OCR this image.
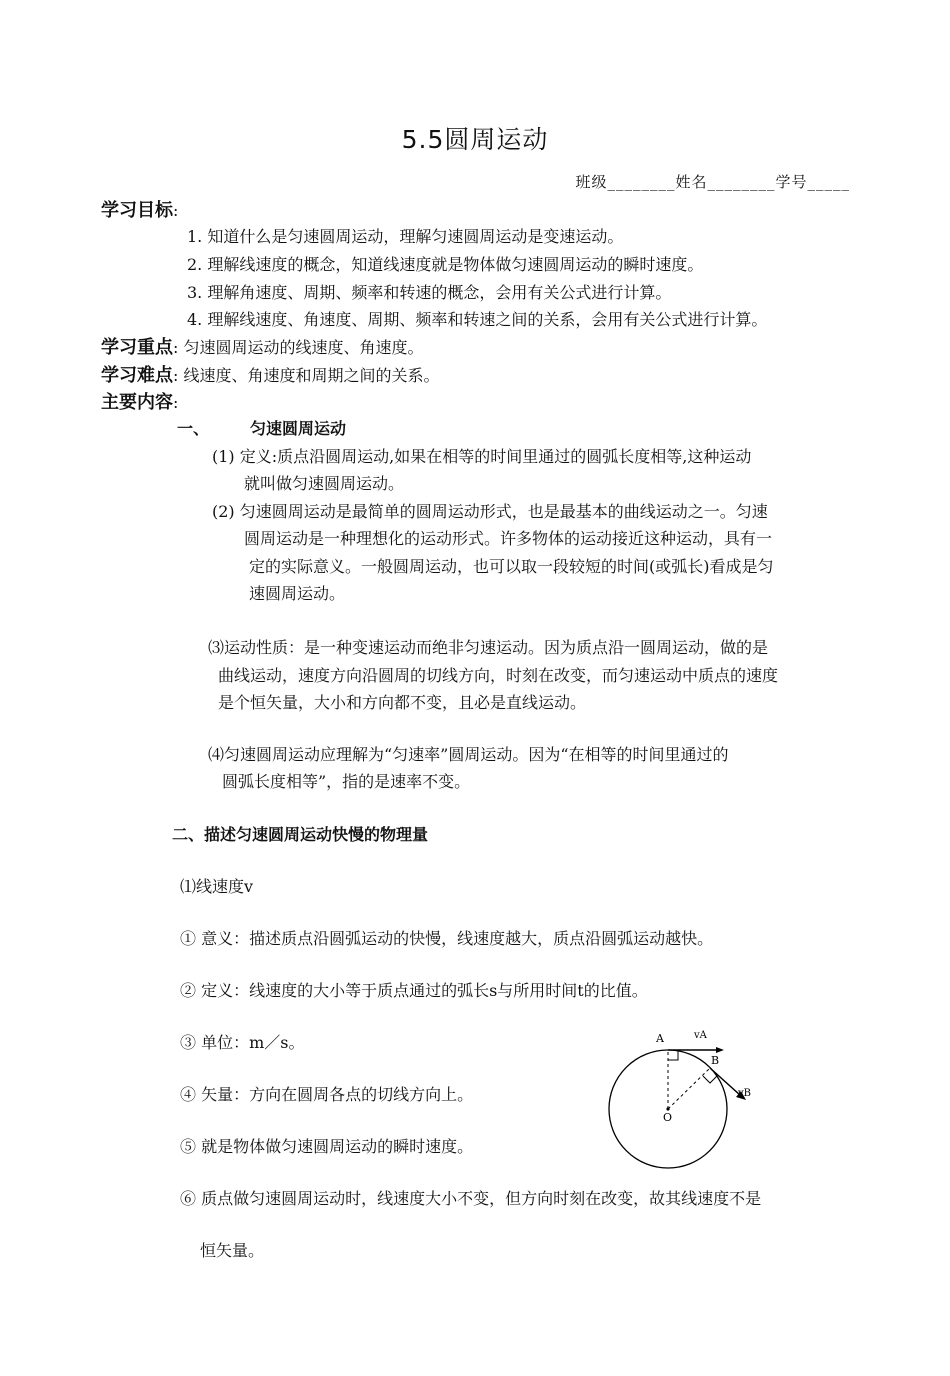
5.5圆周运动
班级________姓名________学号_____
学习目标:
1. 知道什么是匀速圆周运动，理解匀速圆周运动是变速运动。
2. 理解线速度的概念，知道线速度就是物体做匀速圆周运动的瞬时速度。
3. 理解角速度、周期、频率和转速的概念，会用有关公式进行计算。
4. 理解线速度、角速度、周期、频率和转速之间的关系，会用有关公式进行计算。
学习重点: 匀速圆周运动的线速度、角速度。
学习难点: 线速度、角速度和周期之间的关系。
主要内容:
一、	匀速圆周运动
(1) 定义:质点沿圆周运动,如果在相等的时间里通过的圆弧长度相等,这种运动
就叫做匀速圆周运动。
(2) 匀速圆周运动是最简单的圆周运动形式，也是最基本的曲线运动之一。匀速
圆周运动是一种理想化的运动形式。许多物体的运动接近这种运动，具有一
定的实际意义。一般圆周运动，也可以取一段较短的时间(或弧长)看成是匀
速圆周运动。
⑶运动性质：是一种变速运动而绝非匀速运动。因为质点沿一圆周运动，做的是
曲线运动，速度方向沿圆周的切线方向，时刻在改变，而匀速运动中质点的速度
是个恒矢量，大小和方向都不变，且必是直线运动。
⑷匀速圆周运动应理解为“匀速率”圆周运动。因为“在相等的时间里通过的
圆弧长度相等”，指的是速率不变。
二、描述匀速圆周运动快慢的物理量
⑴线速度v
① 意义：描述质点沿圆弧运动的快慢，线速度越大，质点沿圆弧运动越快。
② 定义：线速度的大小等于质点通过的弧长s与所用时间t的比值。
③ 单位：m／s。
④ 矢量：方向在圆周各点的切线方向上。
⑤ 就是物体做匀速圆周运动的瞬时速度。
⑥ 质点做匀速圆周运动时，线速度大小不变，但方向时刻在改变，故其线速度不是
恒矢量。
A
B
O
vA
vB
